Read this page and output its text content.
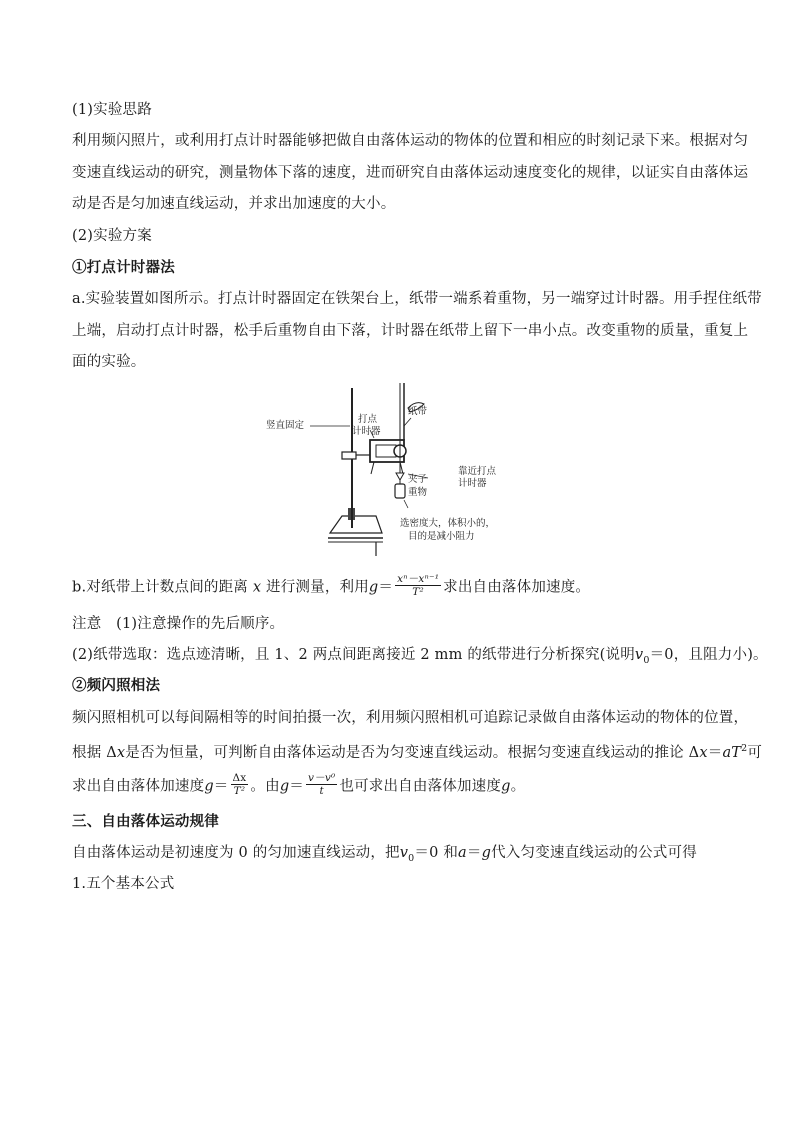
(1)实验思路
利用频闪照片，或利用打点计时器能够把做自由落体运动的物体的位置和相应的时刻记录下来。根据对匀
变速直线运动的研究，测量物体下落的速度，进而研究自由落体运动速度变化的规律，以证实自由落体运
动是否是匀加速直线运动，并求出加速度的大小。
(2)实验方案
①打点计时器法
a.实验装置如图所示。打点计时器固定在铁架台上，纸带一端系着重物，另一端穿过计时器。用手捏住纸带
上端，启动打点计时器，松手后重物自由下落，计时器在纸带上留下一串小点。改变重物的质量，重复上
面的实验。
竖直固定
打点
计时器
纸带
夹子
重物
靠近打点
计时器
选密度大，体积小的，
目的是减小阻力
b.对纸带上计数点间的距离 x 进行测量，利用$g= \frac{\text{xⁿ－xⁿ⁻¹}}{\text{T²}}$ 求出自由落体加速度。
注意　(1)注意操作的先后顺序。
(2)纸带选取：选点迹清晰，且 1、2 两点间距离接近 2 mm 的纸带进行分析探究(说明$v_0=0$，且阻力小)。
②频闪照相法
频闪照相机可以每间隔相等的时间拍摄一次，利用频闪照相机可追踪记录做自由落体运动的物体的位置，
根据 Δx是否为恒量，可判断自由落体运动是否为匀变速直线运动。根据匀变速直线运动的推论 $\Delta x=aT^2$可
求出自由落体加速度$g= \frac{\Delta x}{\text{T²}}$ 。由$g= \frac{\text{v－v⁰}}{t}$ 也可求出自由落体加速度g。
三、自由落体运动规律
自由落体运动是初速度为 0 的匀加速直线运动，把$v_0=0$ 和a＝g代入匀变速直线运动的公式可得
1.五个基本公式
